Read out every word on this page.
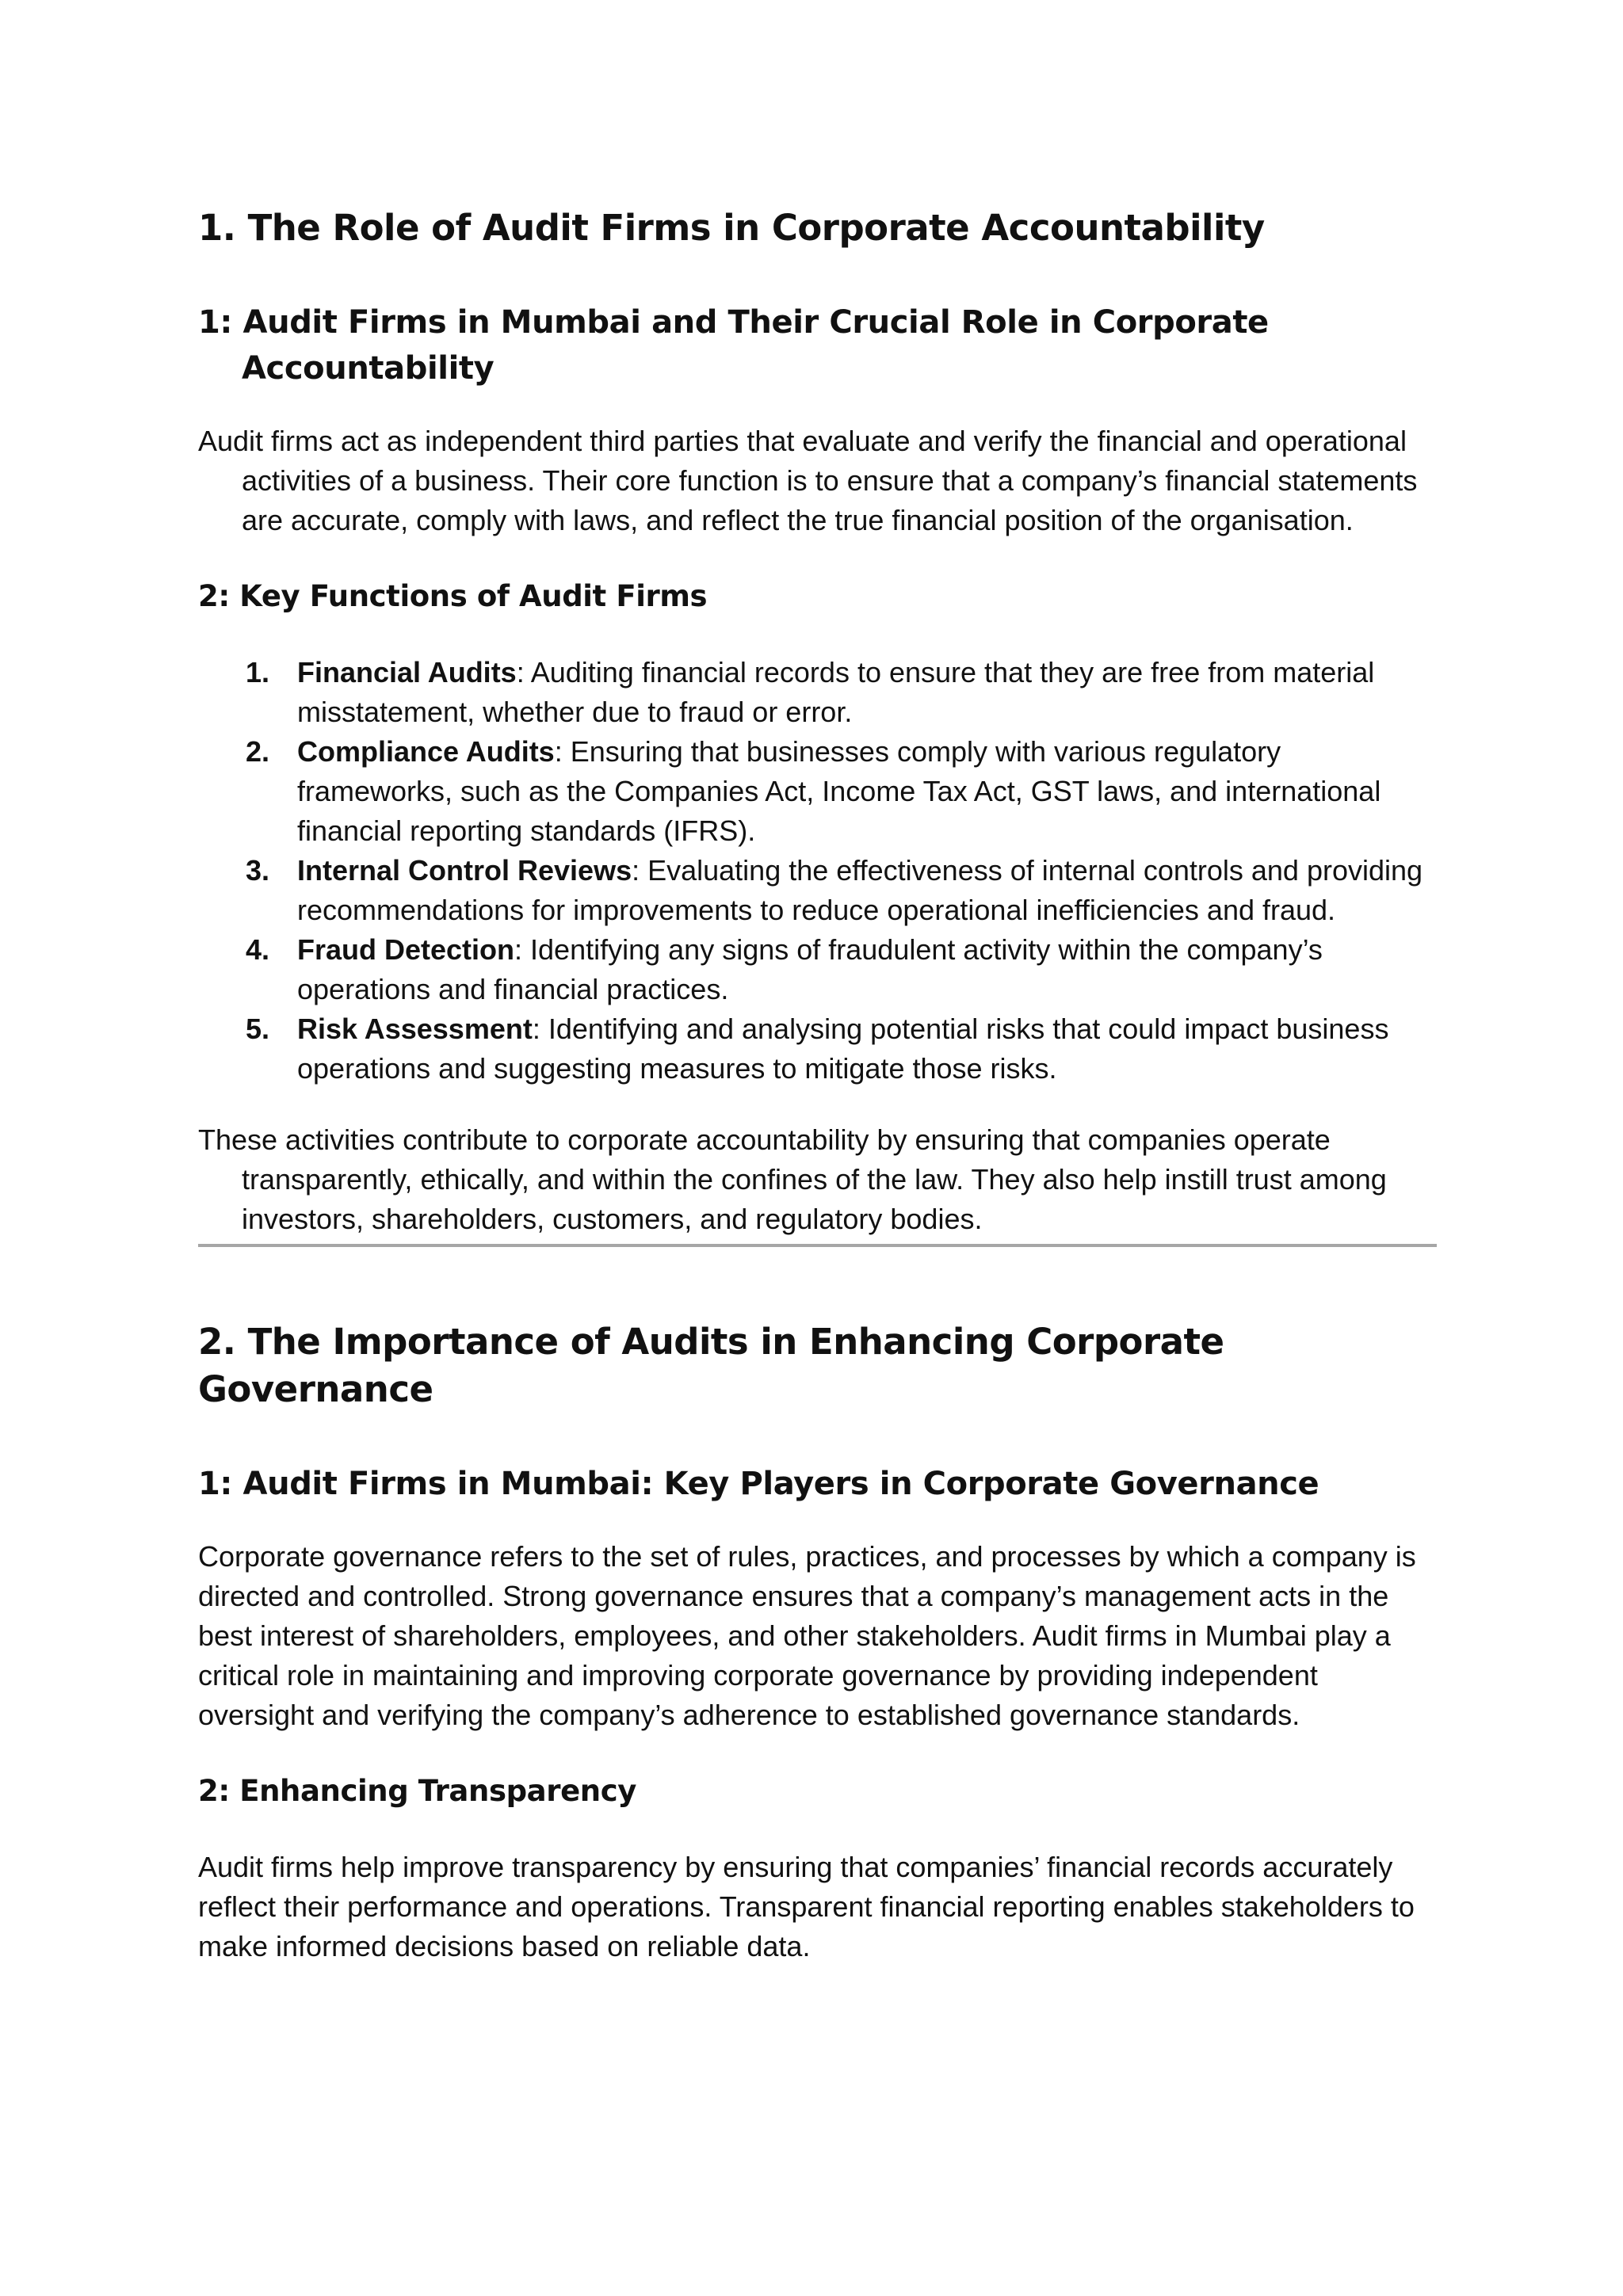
1. The Role of Audit Firms in Corporate Accountability
1: Audit Firms in Mumbai and Their Crucial Role in Corporate Accountability

Audit firms act as independent third parties that evaluate and verify the financial and operational activities of a business. Their core function is to ensure that a company’s financial statements are accurate, comply with laws, and reflect the true financial position of the organisation.

2: Key Functions of Audit Firms
1. Financial Audits: Auditing financial records to ensure that they are free from material misstatement, whether due to fraud or error.
2. Compliance Audits: Ensuring that businesses comply with various regulatory frameworks, such as the Companies Act, Income Tax Act, GST laws, and international financial reporting standards (IFRS).
3. Internal Control Reviews: Evaluating the effectiveness of internal controls and providing recommendations for improvements to reduce operational inefficiencies and fraud.
4. Fraud Detection: Identifying any signs of fraudulent activity within the company’s operations and financial practices.
5. Risk Assessment: Identifying and analysing potential risks that could impact business operations and suggesting measures to mitigate those risks.

These activities contribute to corporate accountability by ensuring that companies operate transparently, ethically, and within the confines of the law. They also help instill trust among investors, shareholders, customers, and regulatory bodies.

2. The Importance of Audits in Enhancing Corporate Governance
1: Audit Firms in Mumbai: Key Players in Corporate Governance

Corporate governance refers to the set of rules, practices, and processes by which a company is directed and controlled. Strong governance ensures that a company’s management acts in the best interest of shareholders, employees, and other stakeholders. Audit firms in Mumbai play a critical role in maintaining and improving corporate governance by providing independent oversight and verifying the company’s adherence to established governance standards.

2: Enhancing Transparency

Audit firms help improve transparency by ensuring that companies’ financial records accurately reflect their performance and operations. Transparent financial reporting enables stakeholders to make informed decisions based on reliable data.
